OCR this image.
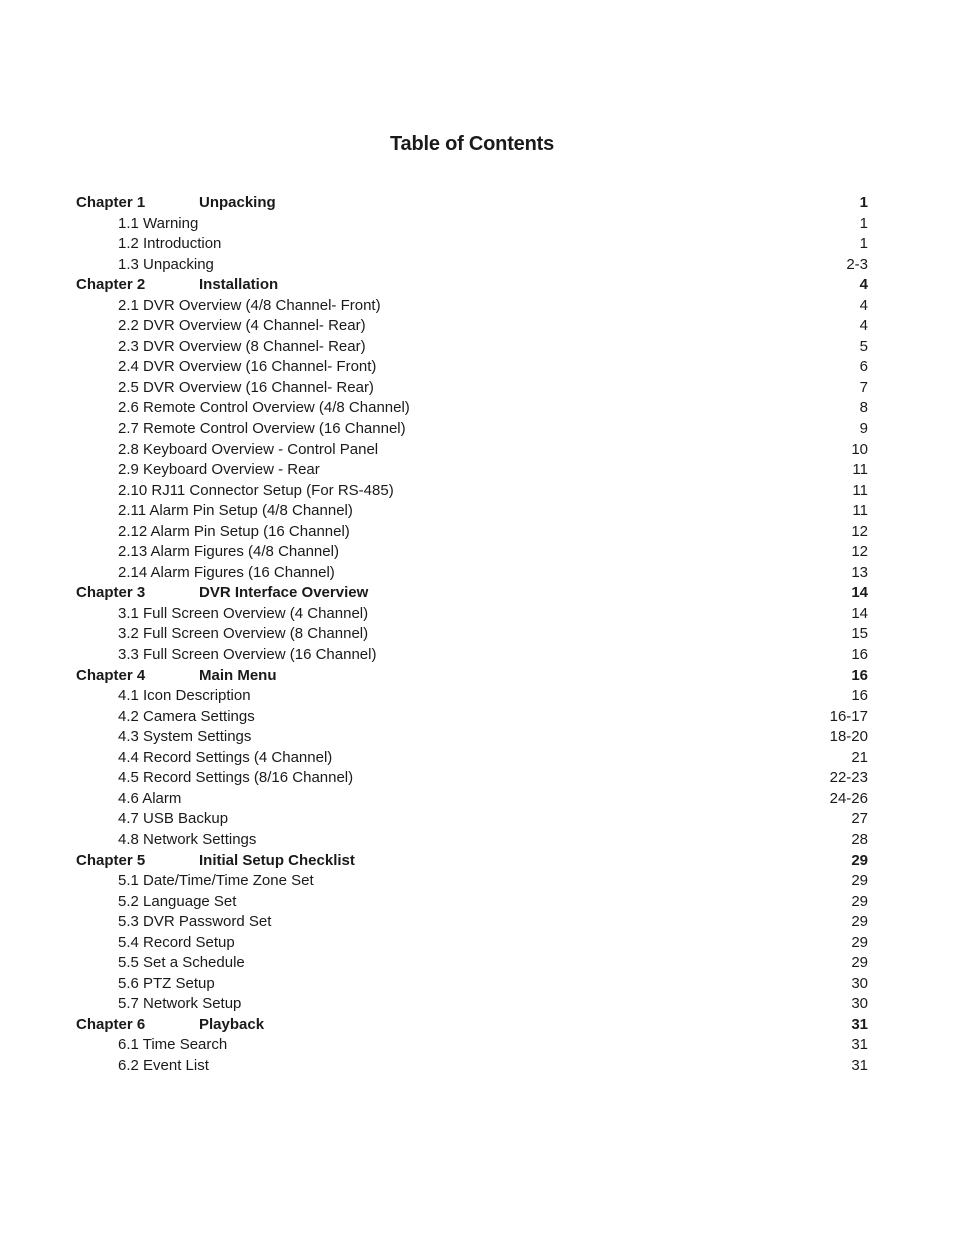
Table of Contents
Chapter 1	Unpacking	1
1.1 Warning	1
1.2 Introduction	1
1.3 Unpacking	2-3
Chapter 2	Installation	4
2.1 DVR Overview (4/8 Channel- Front)	4
2.2 DVR Overview (4 Channel- Rear)	4
2.3 DVR Overview (8 Channel- Rear)	5
2.4 DVR Overview (16 Channel- Front)	6
2.5 DVR Overview (16 Channel- Rear)	7
2.6 Remote Control Overview (4/8 Channel)	8
2.7 Remote Control Overview (16 Channel)	9
2.8 Keyboard Overview - Control Panel	10
2.9 Keyboard Overview - Rear	11
2.10 RJ11 Connector Setup (For RS-485)	11
2.11 Alarm Pin Setup (4/8 Channel)	11
2.12 Alarm Pin Setup (16 Channel)	12
2.13 Alarm Figures (4/8 Channel)	12
2.14 Alarm Figures (16 Channel)	13
Chapter 3	DVR Interface Overview	14
3.1 Full Screen Overview (4 Channel)	14
3.2 Full Screen Overview (8 Channel)	15
3.3 Full Screen Overview (16 Channel)	16
Chapter 4	Main Menu	16
4.1 Icon Description	16
4.2 Camera Settings	16-17
4.3 System Settings	18-20
4.4 Record Settings (4 Channel)	21
4.5 Record Settings (8/16 Channel)	22-23
4.6 Alarm	24-26
4.7 USB Backup	27
4.8 Network Settings	28
Chapter 5	Initial Setup Checklist	29
5.1 Date/Time/Time Zone Set	29
5.2 Language Set	29
5.3 DVR Password Set	29
5.4 Record Setup	29
5.5 Set a Schedule	29
5.6 PTZ Setup	30
5.7 Network Setup	30
Chapter 6	Playback	31
6.1 Time Search	31
6.2 Event List	31
